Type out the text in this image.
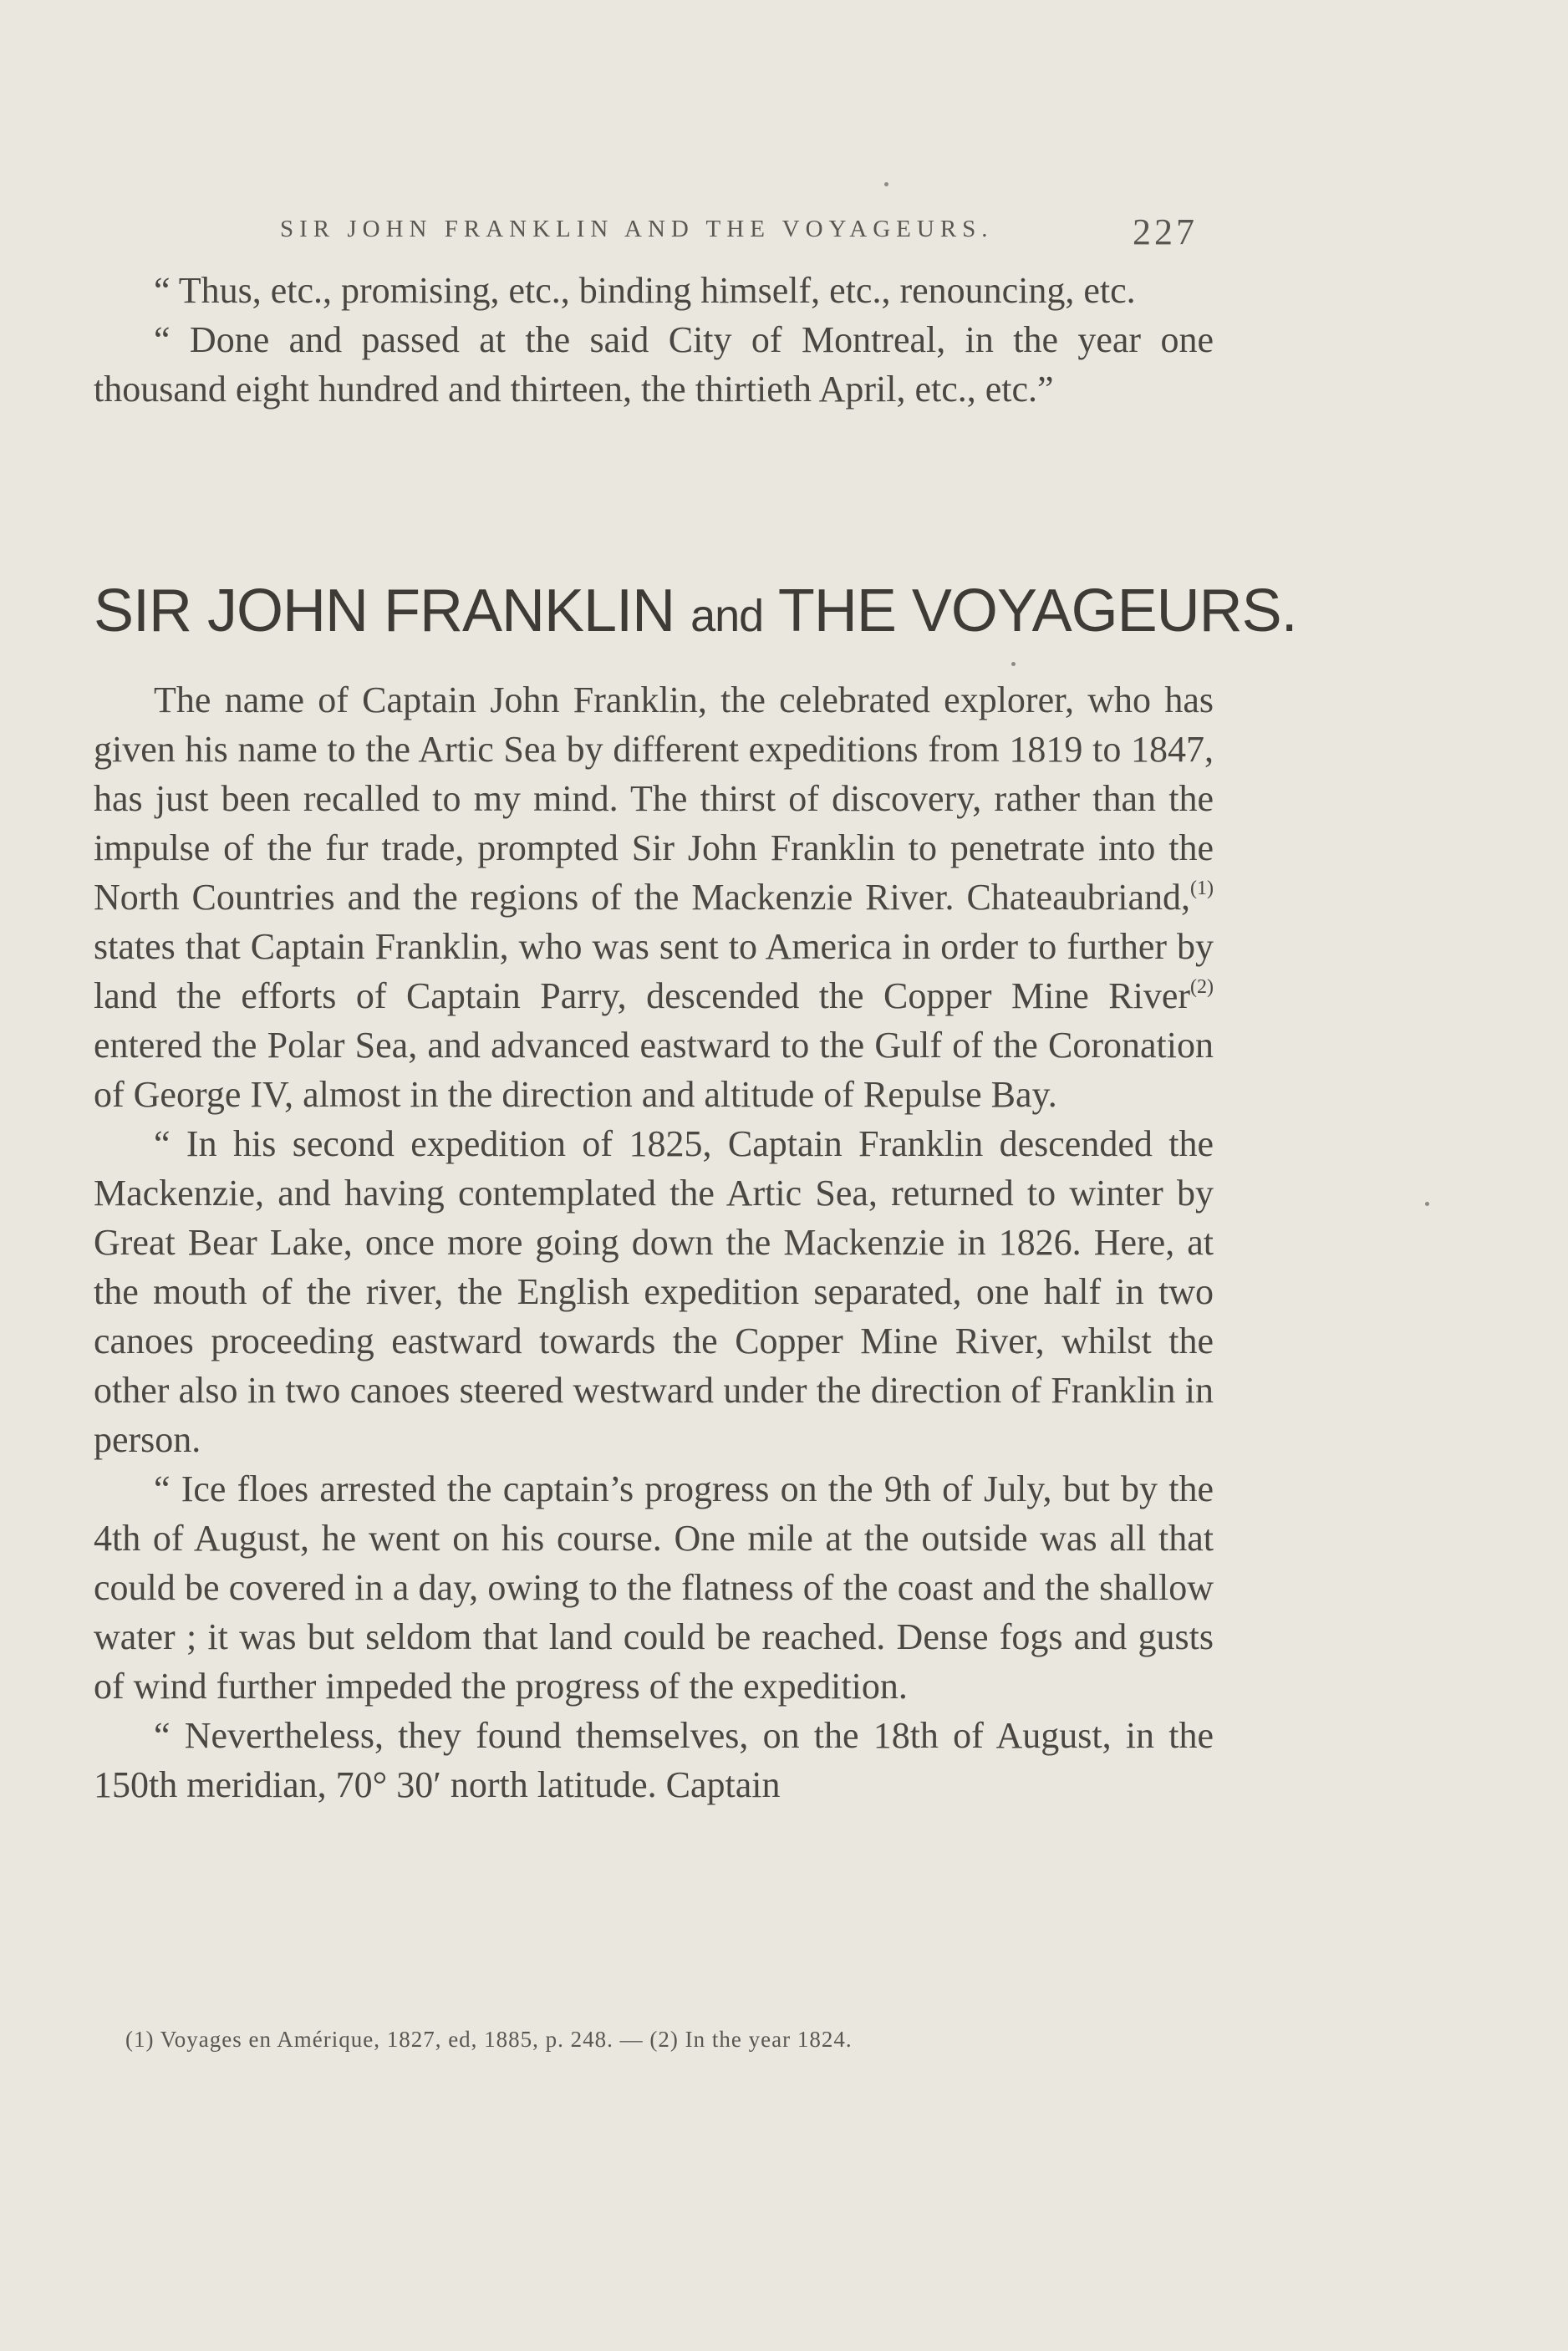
SIR JOHN FRANKLIN AND THE VOYAGEURS.	227

“ Thus, etc., promising, etc., binding himself, etc., renouncing, etc.

“ Done and passed at the said City of Montreal, in the year one thousand eight hundred and thirteen, the thirtieth April, etc., etc.”

SIR JOHN FRANKLIN and THE VOYAGEURS.

The name of Captain John Franklin, the celebrated explorer, who has given his name to the Artic Sea by different expeditions from 1819 to 1847, has just been recalled to my mind. The thirst of discovery, rather than the impulse of the fur trade, prompted Sir John Franklin to penetrate into the North Countries and the regions of the Mackenzie River. Chateaubriand,$^{(1)}$ states that Captain Franklin, who was sent to America in order to further by land the efforts of Captain Parry, descended the Copper Mine River$^{(2)}$ entered the Polar Sea, and advanced eastward to the Gulf of the Coronation of George IV, almost in the direction and altitude of Repulse Bay.

“ In his second expedition of 1825, Captain Franklin descended the Mackenzie, and having contemplated the Artic Sea, returned to winter by Great Bear Lake, once more going down the Mackenzie in 1826. Here, at the mouth of the river, the English expedition separated, one half in two canoes proceeding eastward towards the Copper Mine River, whilst the other also in two canoes steered westward under the direction of Franklin in person.

“ Ice floes arrested the captain’s progress on the 9th of July, but by the 4th of August, he went on his course. One mile at the outside was all that could be covered in a day, owing to the flatness of the coast and the shallow water ; it was but seldom that land could be reached. Dense fogs and gusts of wind further impeded the progress of the expedition.

“ Nevertheless, they found themselves, on the 18th of August, in the 150th meridian, 70° 30′ north latitude. Captain

(1) Voyages en Amérique, 1827, ed, 1885, p. 248. — (2) In the year 1824.
